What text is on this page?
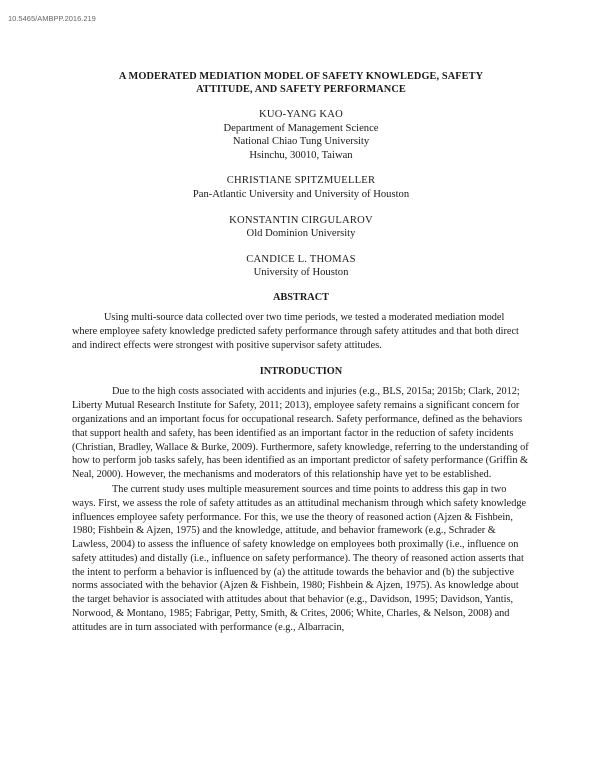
10.5465/AMBPP.2016.219
A MODERATED MEDIATION MODEL OF SAFETY KNOWLEDGE, SAFETY
ATTITUDE, AND SAFETY PERFORMANCE
KUO-YANG KAO
Department of Management Science
National Chiao Tung University
Hsinchu, 30010, Taiwan
CHRISTIANE SPITZMUELLER
Pan-Atlantic University and University of Houston
KONSTANTIN CIRGULAROV
Old Dominion University
CANDICE L. THOMAS
University of Houston
ABSTRACT

Using multi-source data collected over two time periods, we tested a moderated mediation model where employee safety knowledge predicted safety performance through safety attitudes and that both direct and indirect effects were strongest with positive supervisor safety attitudes.

INTRODUCTION

Due to the high costs associated with accidents and injuries (e.g., BLS, 2015a; 2015b; Clark, 2012; Liberty Mutual Research Institute for Safety, 2011; 2013), employee safety remains a significant concern for organizations and an important focus for occupational research. Safety performance, defined as the behaviors that support health and safety, has been identified as an important factor in the reduction of safety incidents (Christian, Bradley, Wallace & Burke, 2009). Furthermore, safety knowledge, referring to the understanding of how to perform job tasks safely, has been identified as an important predictor of safety performance (Griffin & Neal, 2000). However, the mechanisms and moderators of this relationship have yet to be established.

The current study uses multiple measurement sources and time points to address this gap in two ways. First, we assess the role of safety attitudes as an attitudinal mechanism through which safety knowledge influences employee safety performance. For this, we use the theory of reasoned action (Ajzen & Fishbein, 1980; Fishbein & Ajzen, 1975) and the knowledge, attitude, and behavior framework (e.g., Schrader & Lawless, 2004) to assess the influence of safety knowledge on employees both proximally (i.e., influence on safety attitudes) and distally (i.e., influence on safety performance). The theory of reasoned action asserts that the intent to perform a behavior is influenced by (a) the attitude towards the behavior and (b) the subjective norms associated with the behavior (Ajzen & Fishbein, 1980; Fishbein & Ajzen, 1975). As knowledge about the target behavior is associated with attitudes about that behavior (e.g., Davidson, 1995; Davidson, Yantis, Norwood, & Montano, 1985; Fabrigar, Petty, Smith, & Crites, 2006; White, Charles, & Nelson, 2008) and attitudes are in turn associated with performance (e.g., Albarracin,
